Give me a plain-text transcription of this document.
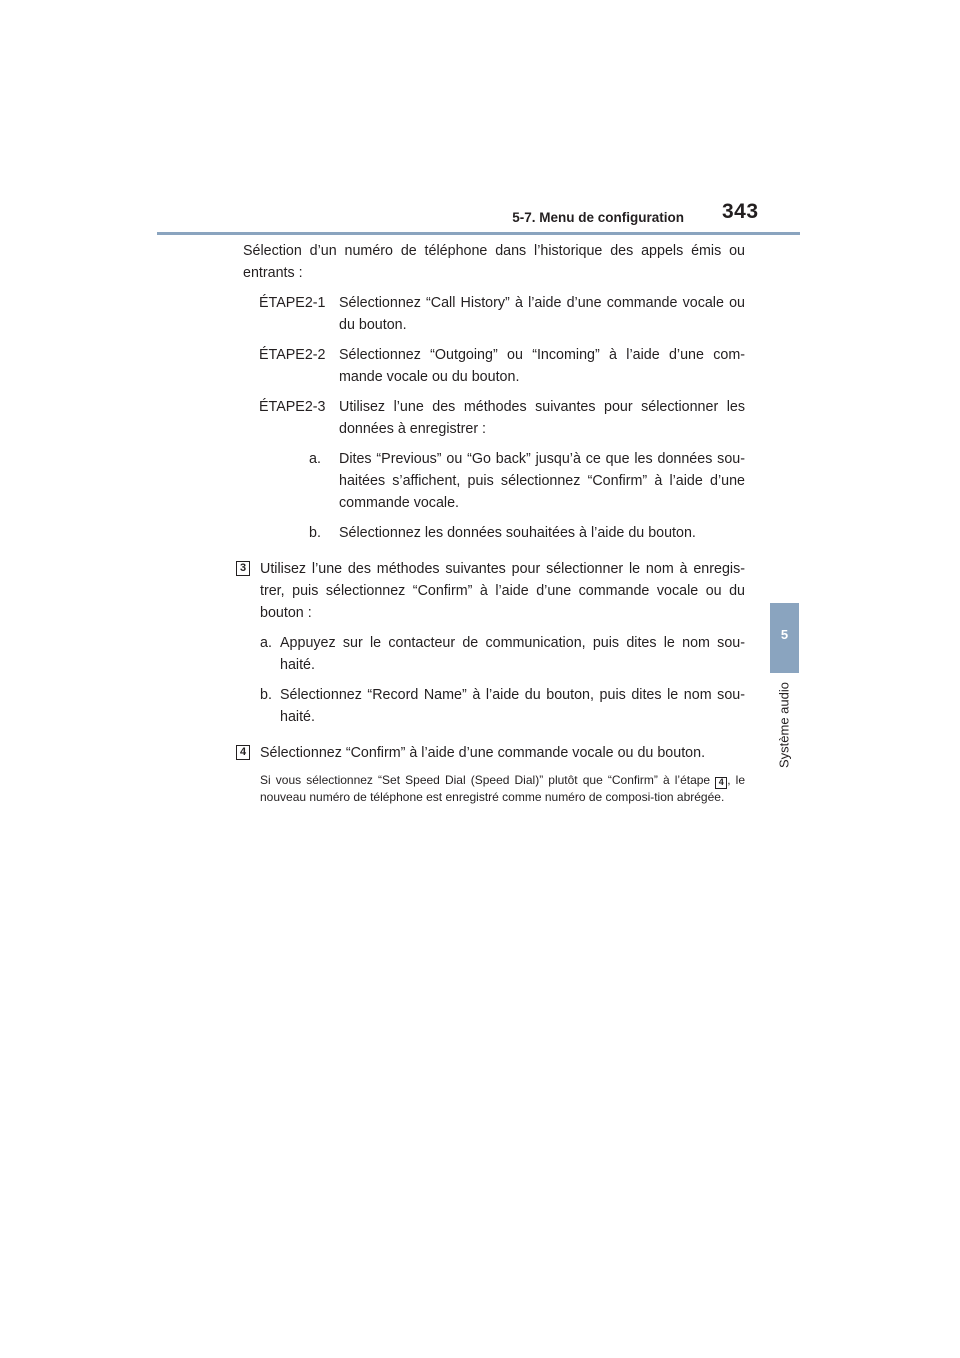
5-7. Menu de configuration 343
5
Système audio

Sélection d’un numéro de téléphone dans l’historique des appels émis ou entrants :

ÉTAPE2-1 Sélectionnez “Call History” à l’aide d’une commande vocale ou du bouton.

ÉTAPE2-2 Sélectionnez “Outgoing” ou “Incoming” à l’aide d’une com-mande vocale ou du bouton.

ÉTAPE2-3 Utilisez l’une des méthodes suivantes pour sélectionner les données à enregistrer :

a. Dites “Previous” ou “Go back” jusqu’à ce que les données sou-haitées s’affichent, puis sélectionnez “Confirm” à l’aide d’une commande vocale.

b. Sélectionnez les données souhaitées à l’aide du bouton.

3 Utilisez l’une des méthodes suivantes pour sélectionner le nom à enregis-trer, puis sélectionnez “Confirm” à l’aide d’une commande vocale ou du bouton :

a. Appuyez sur le contacteur de communication, puis dites le nom sou-haité.

b. Sélectionnez “Record Name” à l’aide du bouton, puis dites le nom sou-haité.

4 Sélectionnez “Confirm” à l’aide d’une commande vocale ou du bouton.

Si vous sélectionnez “Set Speed Dial (Speed Dial)” plutôt que “Confirm” à l’étape 4 , le nouveau numéro de téléphone est enregistré comme numéro de composi-tion abrégée.
